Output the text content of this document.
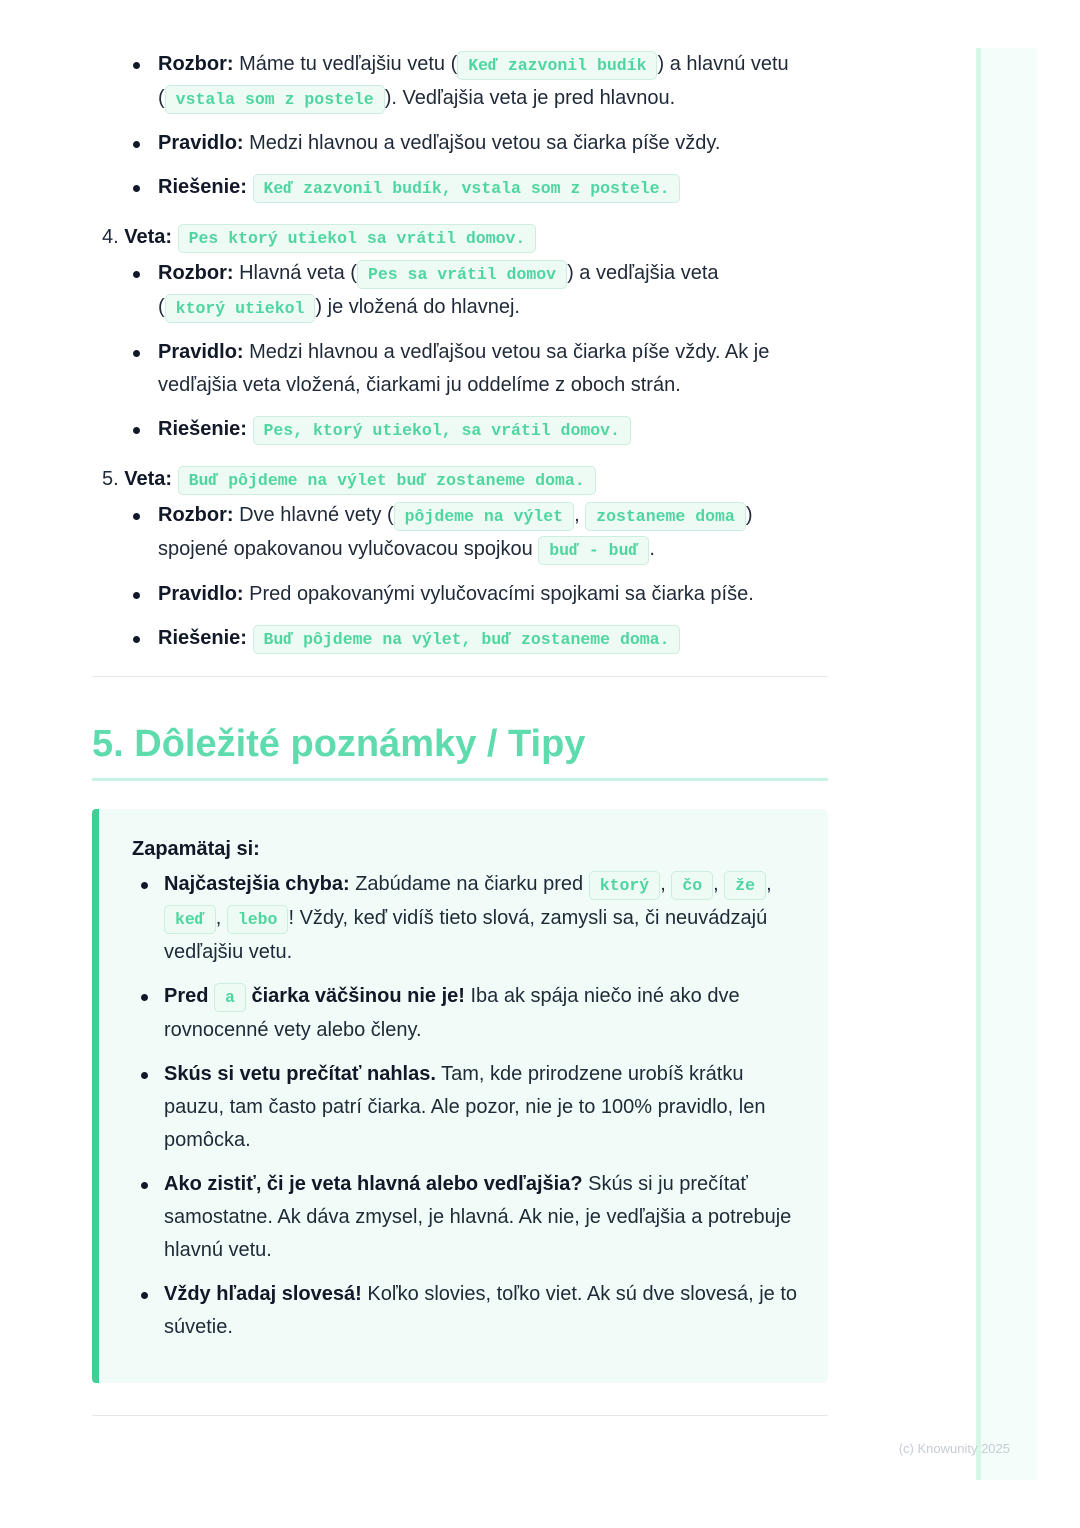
Rozbor: Máme tu vedľajšiu vetu ( Keď zazvonil budík ) a hlavnú vetu ( vstala som z postele ). Vedľajšia veta je pred hlavnou.
Pravidlo: Medzi hlavnou a vedľajšou vetou sa čiarka píše vždy.
Riešenie: Keď zazvonil budík, vstala som z postele.
4. Veta: Pes ktorý utiekol sa vrátil domov.
Rozbor: Hlavná veta ( Pes sa vrátil domov ) a vedľajšia veta ( ktorý utiekol ) je vložená do hlavnej.
Pravidlo: Medzi hlavnou a vedľajšou vetou sa čiarka píše vždy. Ak je vedľajšia veta vložená, čiarkami ju oddelíme z oboch strán.
Riešenie: Pes, ktorý utiekol, sa vrátil domov.
5. Veta: Buď pôjdeme na výlet buď zostaneme doma.
Rozbor: Dve hlavné vety ( pôjdeme na výlet , zostaneme doma ) spojené opakovanou vylučovacou spojkou buď - buď .
Pravidlo: Pred opakovanými vylučovacími spojkami sa čiarka píše.
Riešenie: Buď pôjdeme na výlet, buď zostaneme doma.
5. Dôležité poznámky / Tipy
Zapamätaj si:
Najčastejšia chyba: Zabúdame na čiarku pred ktorý , čo , že , keď , lebo ! Vždy, keď vidíš tieto slová, zamysli sa, či neuvádzajú vedľajšiu vetu.
Pred a čiarka väčšinou nie je! Iba ak spája niečo iné ako dve rovnocenné vety alebo členy.
Skús si vetu prečítať nahlas. Tam, kde prirodzene urobíš krátku pauzu, tam často patrí čiarka. Ale pozor, nie je to 100% pravidlo, len pomôcka.
Ako zistiť, či je veta hlavná alebo vedľajšia? Skús si ju prečítať samostatne. Ak dáva zmysel, je hlavná. Ak nie, je vedľajšia a potrebuje hlavnú vetu.
Vždy hľadaj slovesá! Koľko slovies, toľko viet. Ak sú dve slovesá, je to súvetie.
(c) Knowunity 2025
